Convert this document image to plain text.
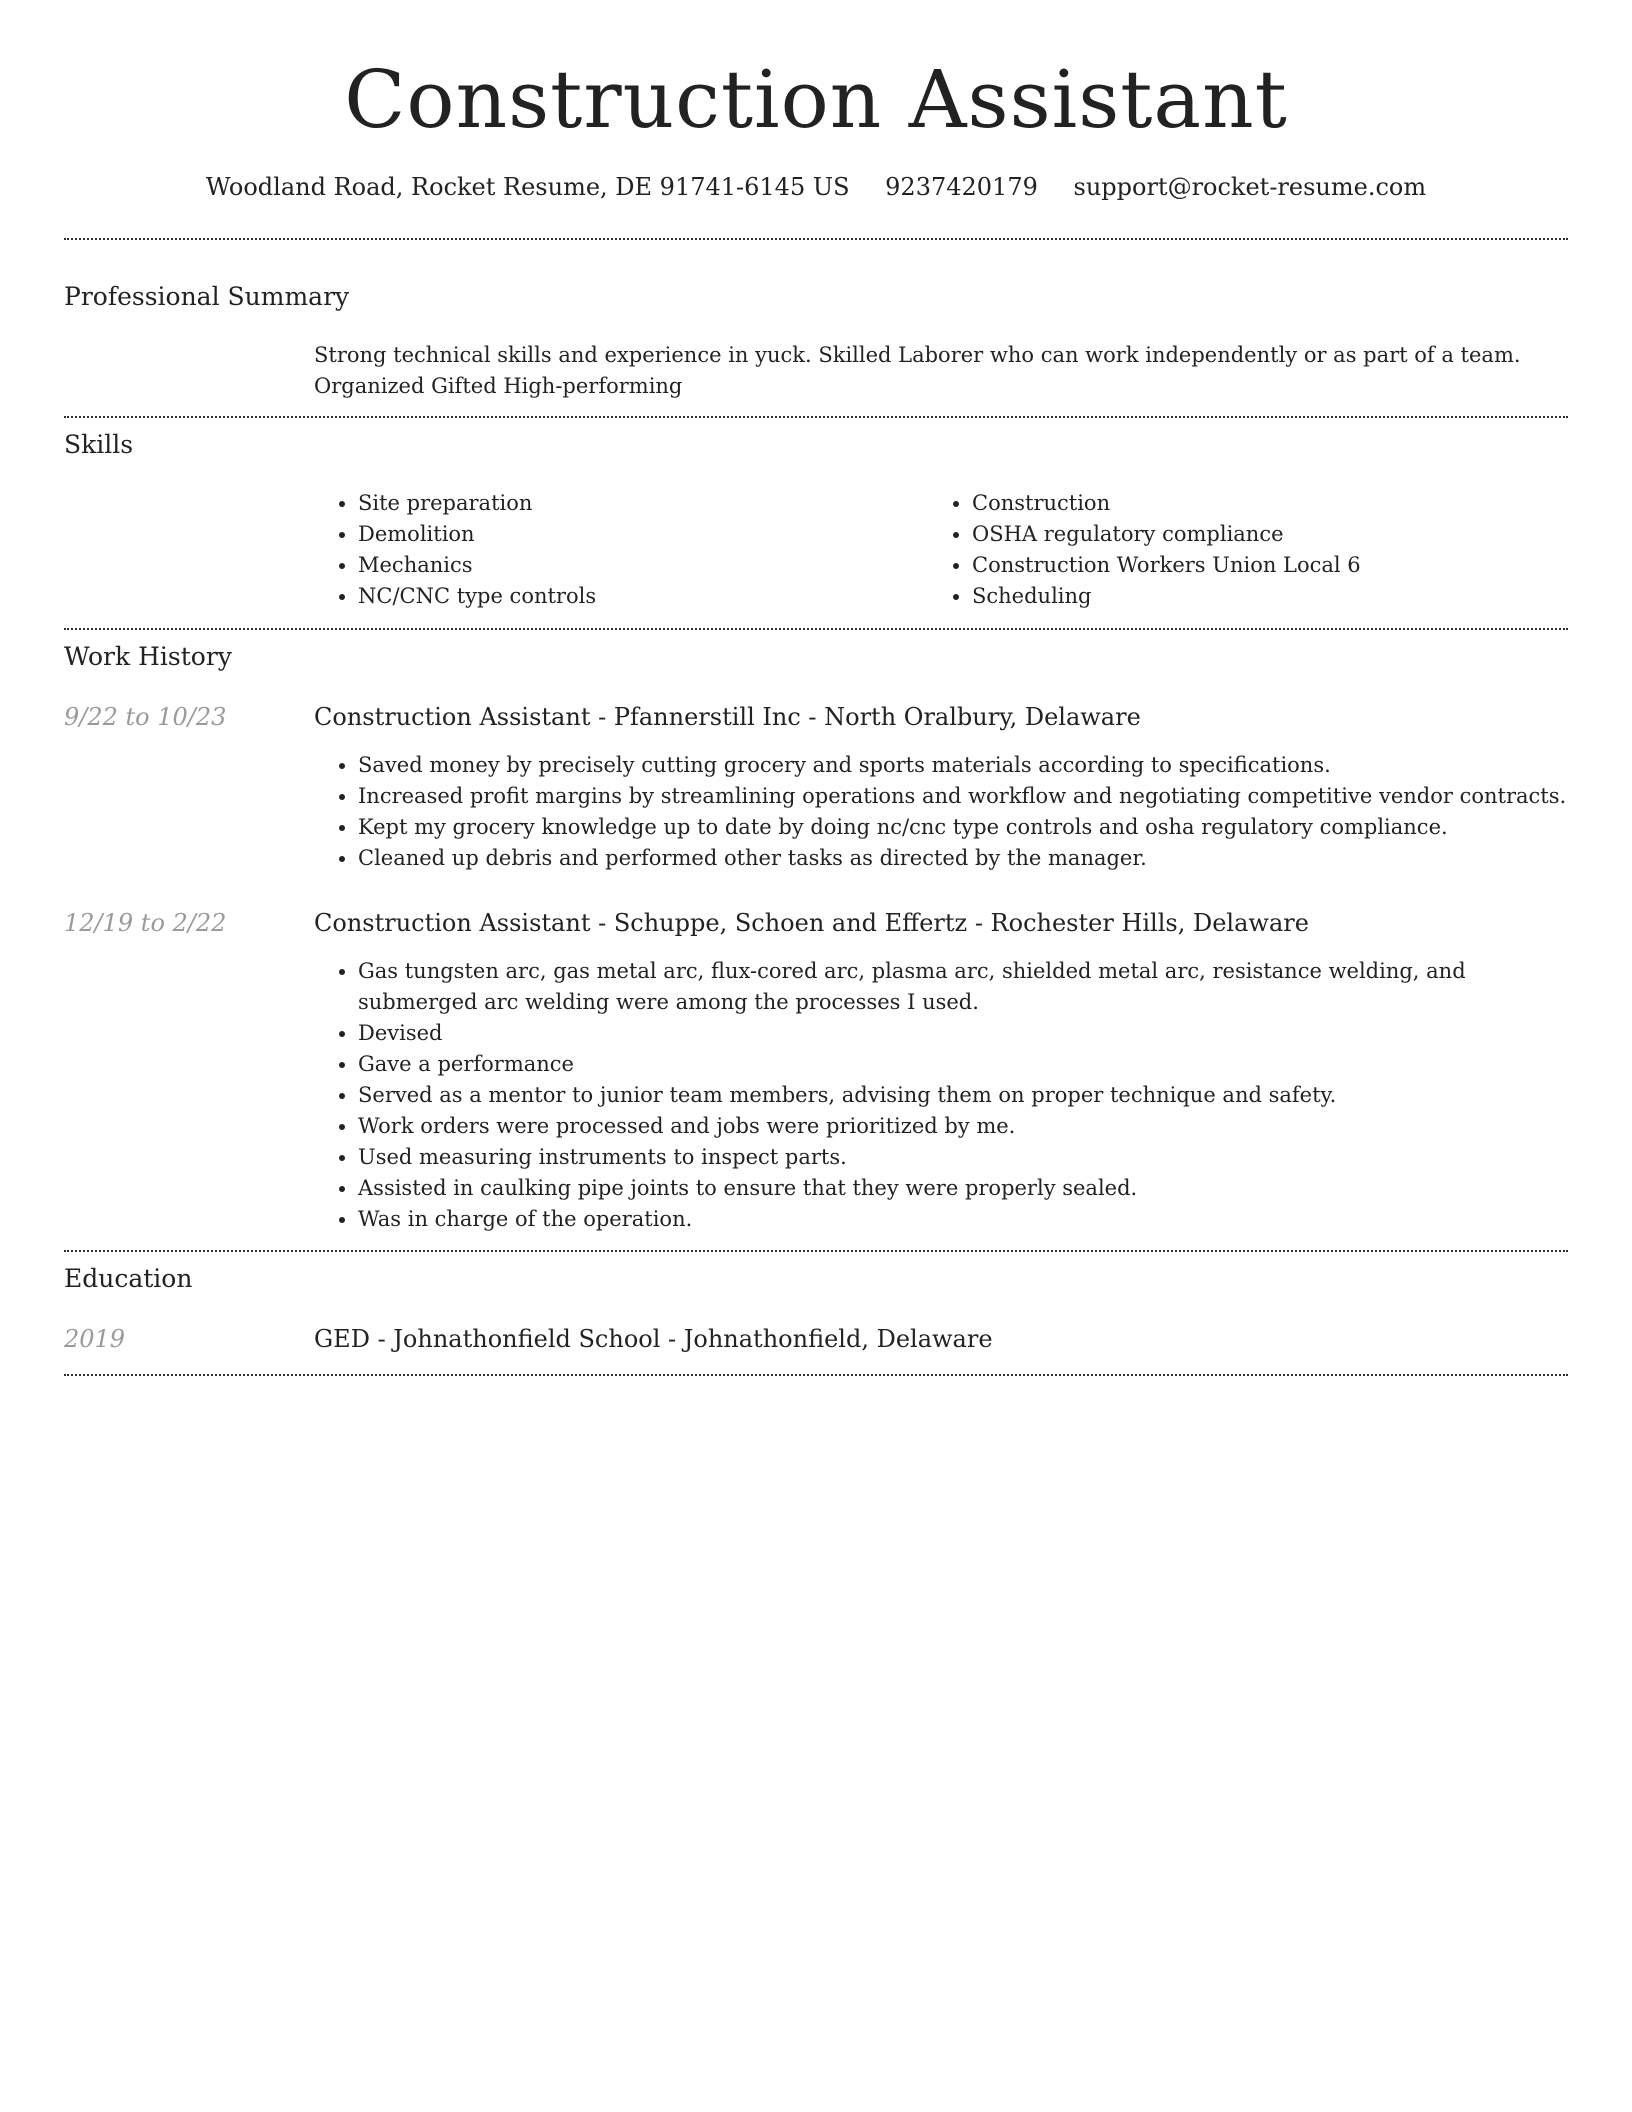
Construction Assistant
Woodland Road, Rocket Resume, DE 91741-6145 US 9237420179 support@rocket-resume.com
Professional Summary

Strong technical skills and experience in yuck. Skilled Laborer who can work independently or as part of a team. Organized Gifted High-performing

Skills
• Site preparation
• Demolition
• Mechanics
• NC/CNC type controls
• Construction
• OSHA regulatory compliance
• Construction Workers Union Local 6
• Scheduling
Work History
9/22 to 10/23	Construction Assistant - Pfannerstill Inc - North Oralbury, Delaware
• Saved money by precisely cutting grocery and sports materials according to specifications.
• Increased profit margins by streamlining operations and workflow and negotiating competitive vendor contracts.
• Kept my grocery knowledge up to date by doing nc/cnc type controls and osha regulatory compliance.
• Cleaned up debris and performed other tasks as directed by the manager.
12/19 to 2/22	Construction Assistant - Schuppe, Schoen and Effertz - Rochester Hills, Delaware
• Gas tungsten arc, gas metal arc, flux-cored arc, plasma arc, shielded metal arc, resistance welding, and submerged arc welding were among the processes I used.
• Devised
• Gave a performance
• Served as a mentor to junior team members, advising them on proper technique and safety.
• Work orders were processed and jobs were prioritized by me.
• Used measuring instruments to inspect parts.
• Assisted in caulking pipe joints to ensure that they were properly sealed.
• Was in charge of the operation.
Education
2019	GED - Johnathonfield School - Johnathonfield, Delaware
